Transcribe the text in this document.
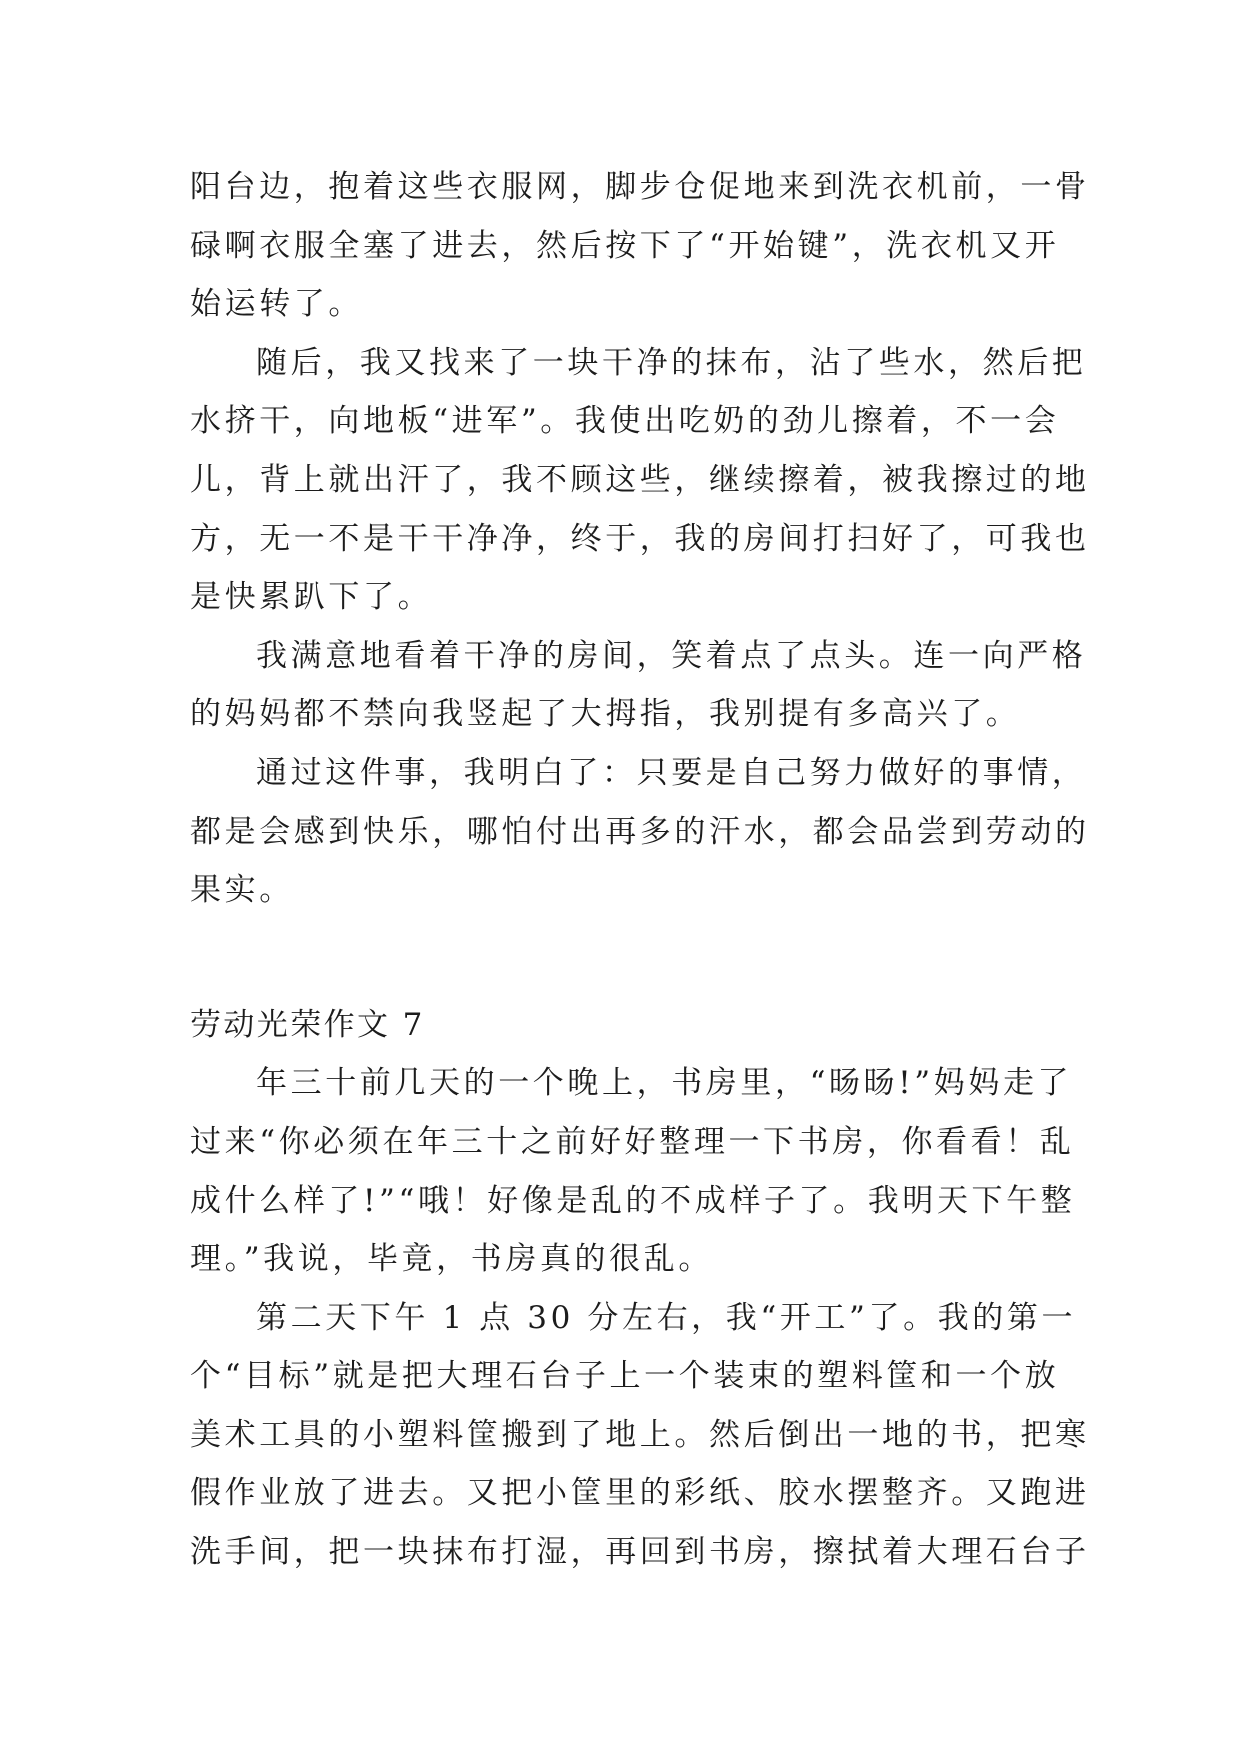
阳台边，抱着这些衣服网，脚步仓促地来到洗衣机前，一骨
碌啊衣服全塞了进去，然后按下了“开始键”，洗衣机又开
始运转了。
随后，我又找来了一块干净的抹布，沾了些水，然后把
水挤干，向地板“进军”。我使出吃奶的劲儿擦着，不一会
儿，背上就出汗了，我不顾这些，继续擦着，被我擦过的地
方，无一不是干干净净，终于，我的房间打扫好了，可我也
是快累趴下了。
我满意地看着干净的房间，笑着点了点头。连一向严格
的妈妈都不禁向我竖起了大拇指，我别提有多高兴了。
通过这件事，我明白了：只要是自己努力做好的事情，
都是会感到快乐，哪怕付出再多的汗水，都会品尝到劳动的
果实。
劳动光荣作文 7
年三十前几天的一个晚上，书房里，“旸旸!”妈妈走了
过来“你必须在年三十之前好好整理一下书房，你看看！乱
成什么样了!”“哦！好像是乱的不成样子了。我明天下午整
理。”我说，毕竟，书房真的很乱。
第二天下午 1 点 30 分左右，我“开工”了。我的第一
个“目标”就是把大理石台子上一个装束的塑料筐和一个放
美术工具的小塑料筐搬到了地上。然后倒出一地的书，把寒
假作业放了进去。又把小筐里的彩纸、胶水摆整齐。又跑进
洗手间，把一块抹布打湿，再回到书房，擦拭着大理石台子
